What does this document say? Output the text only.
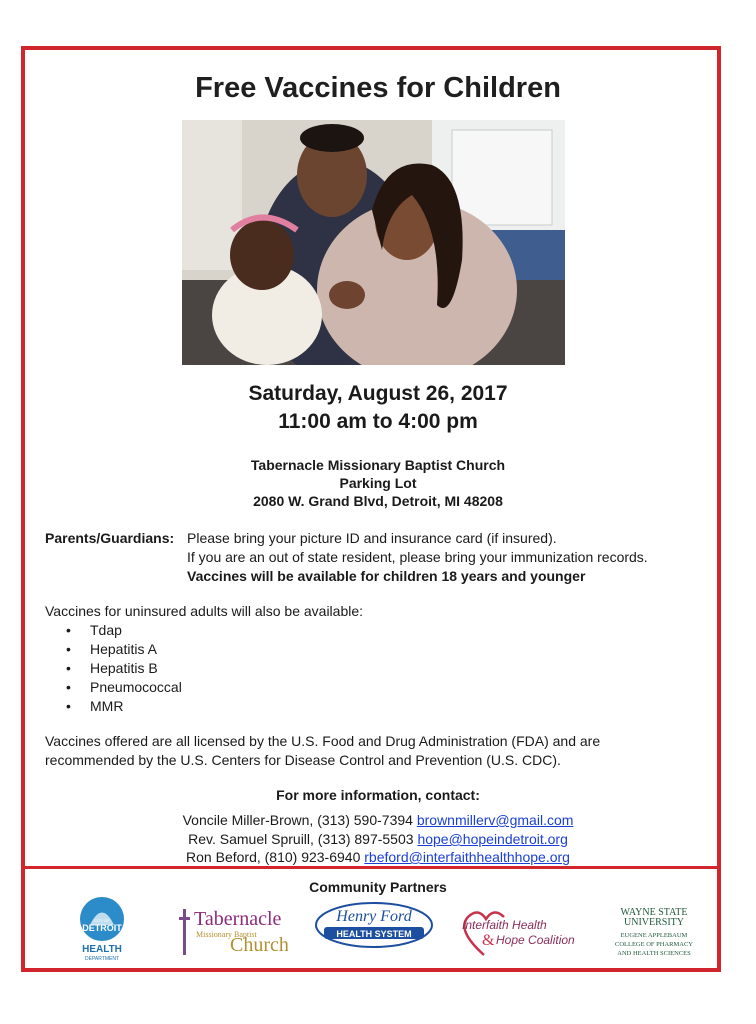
Free Vaccines for Children
Saturday, August 26, 2017
11:00 am to 4:00 pm
Tabernacle Missionary Baptist Church
Parking Lot
2080 W. Grand Blvd, Detroit, MI 48208
Parents/Guardians: Please bring your picture ID and insurance card (if insured).
If you are an out of state resident, please bring your immunization records.
Vaccines will be available for children 18 years and younger
Vaccines for uninsured adults will also be available:
• Tdap
• Hepatitis A
• Hepatitis B
• Pneumococcal
• MMR
Vaccines offered are all licensed by the U.S. Food and Drug Administration (FDA) and are
recommended by the U.S. Centers for Disease Control and Prevention (U.S. CDC).
For more information, contact:
Voncile Miller-Brown, (313) 590-7394 brownmillerv@gmail.com
Rev. Samuel Spruill, (313) 897-5503 hope@hopeindetroit.org
Ron Beford, (810) 923-6940 rbeford@interfaithhealthhope.org
Community Partners
CITY OF
DETROIT
HEALTH
DEPARTMENT
Tabernacle
Missionary Baptist
Church
Henry Ford
HEALTH SYSTEM
Interfaith Health
& Hope Coalition
WAYNE STATE
UNIVERSITY
EUGENE APPLEBAUM
COLLEGE OF PHARMACY
AND HEALTH SCIENCES
